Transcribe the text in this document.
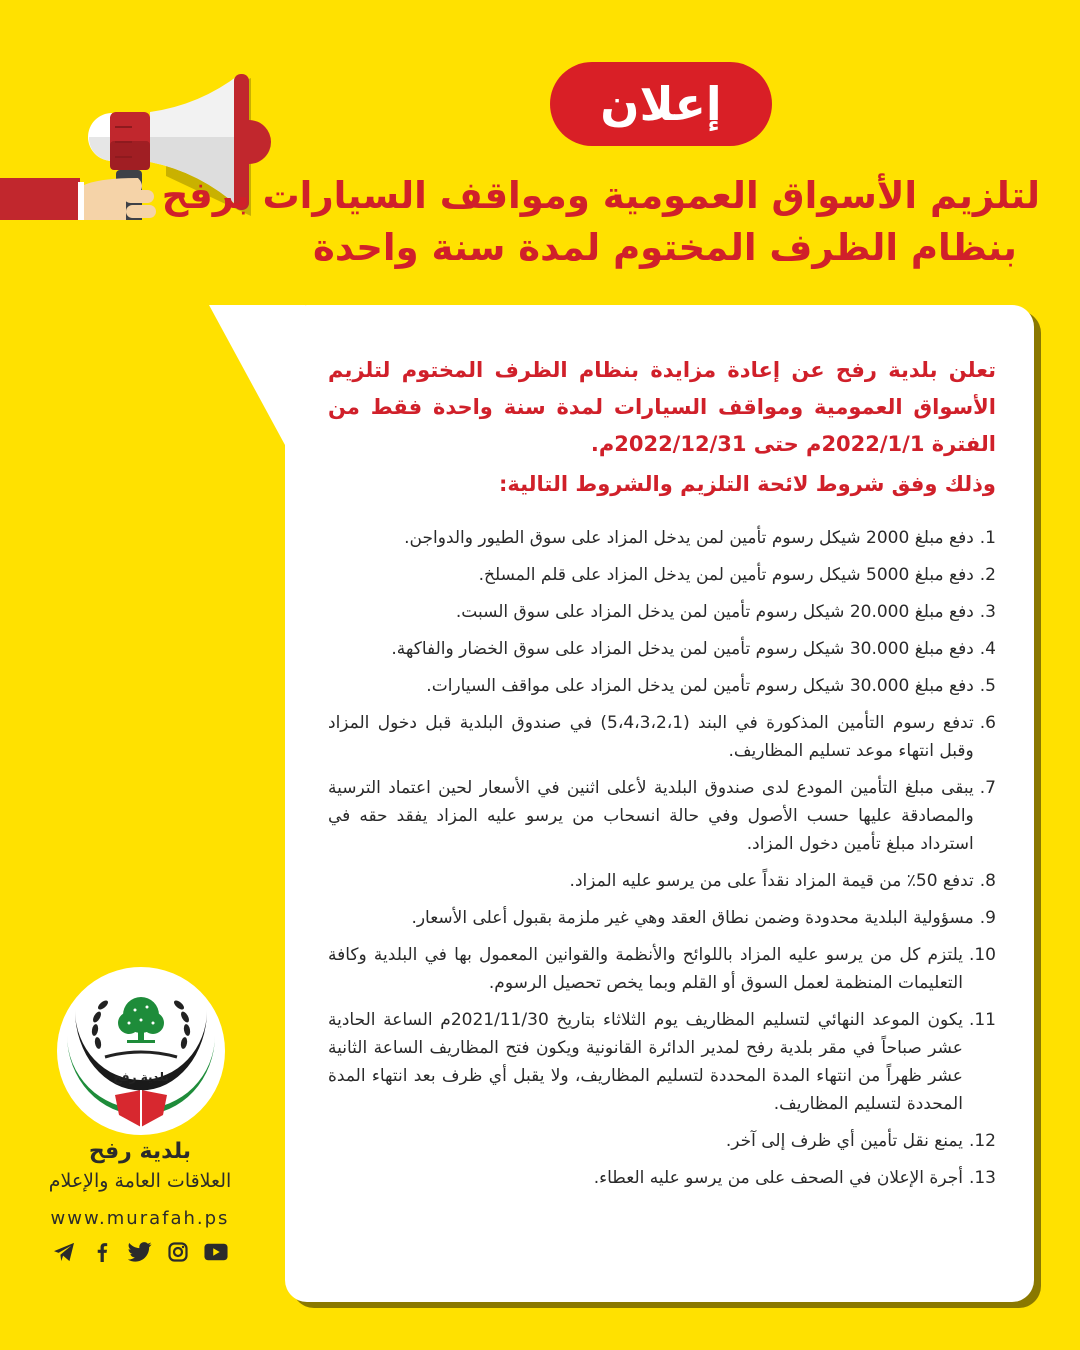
إعلان
لتلزيم الأسواق العمومية ومواقف السيارات برفح
بنظام الظرف المختوم لمدة سنة واحدة

تعلن بلدية رفح عن إعادة مزايدة بنظام الظرف المختوم لتلزيم الأسواق العمومية ومواقف السيارات لمدة سنة واحدة فقط من الفترة 2022/1/1م حتى 2022/12/31م.

وذلك وفق شروط لائحة التلزيم والشروط التالية:

1.
دفع مبلغ 2000 شيكل رسوم تأمين لمن يدخل المزاد على سوق الطيور والدواجن.
2.
دفع مبلغ 5000 شيكل رسوم تأمين لمن يدخل المزاد على قلم المسلخ.
3.
دفع مبلغ 20.000 شيكل رسوم تأمين لمن يدخل المزاد على سوق السبت.
4.
دفع مبلغ 30.000 شيكل رسوم تأمين لمن يدخل المزاد على سوق الخضار والفاكهة.
5.
دفع مبلغ 30.000 شيكل رسوم تأمين لمن يدخل المزاد على مواقف السيارات.
6.
تدفع رسوم التأمين المذكورة في البند (5،4،3،2،1) في صندوق البلدية قبل دخول المزاد وقبل انتهاء موعد تسليم المظاريف.
7.
يبقى مبلغ التأمين المودع لدى صندوق البلدية لأعلى اثنين في الأسعار لحين اعتماد الترسية والمصادقة عليها حسب الأصول وفي حالة انسحاب من يرسو عليه المزاد يفقد حقه في استرداد مبلغ تأمين دخول المزاد.
8.
تدفع 50٪ من قيمة المزاد نقداً على من يرسو عليه المزاد.
9.
مسؤولية البلدية محدودة وضمن نطاق العقد وهي غير ملزمة بقبول أعلى الأسعار.
10.
يلتزم كل من يرسو عليه المزاد باللوائح والأنظمة والقوانين المعمول بها في البلدية وكافة التعليمات المنظمة لعمل السوق أو القلم وبما يخص تحصيل الرسوم.
11.
يكون الموعد النهائي لتسليم المظاريف يوم الثلاثاء بتاريخ 2021/11/30م الساعة الحادية عشر صباحاً في مقر بلدية رفح لمدير الدائرة القانونية ويكون فتح المظاريف الساعة الثانية عشر ظهراً من انتهاء المدة المحددة لتسليم المظاريف، ولا يقبل أي ظرف بعد انتهاء المدة المحددة لتسليم المظاريف.
12.
يمنع نقل تأمين أي ظرف إلى آخر.
13.
أجرة الإعلان في الصحف على من يرسو عليه العطاء.
بلدية رفح
بلدية رفح
العلاقات العامة والإعلام
www.murafah.ps
